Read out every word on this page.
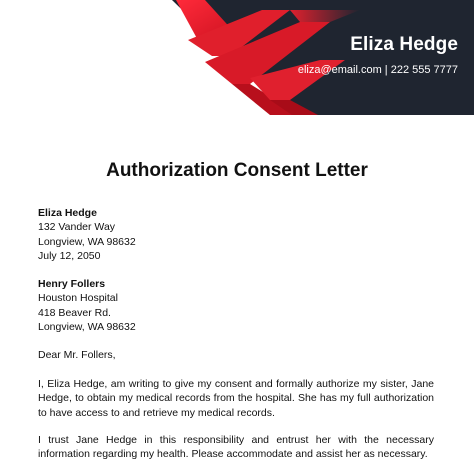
Eliza Hedge
eliza@email.com | 222 555 7777
Authorization Consent Letter
Eliza Hedge
132 Vander Way
Longview, WA 98632
July 12, 2050
Henry Follers
Houston Hospital
418 Beaver Rd.
Longview, WA 98632
Dear Mr. Follers,
I, Eliza Hedge, am writing to give my consent and formally authorize my sister, Jane Hedge, to obtain my medical records from the hospital. She has my full authorization to have access to and retrieve my medical records.
I trust Jane Hedge in this responsibility and entrust her with the necessary information regarding my health. Please accommodate and assist her as necessary.
